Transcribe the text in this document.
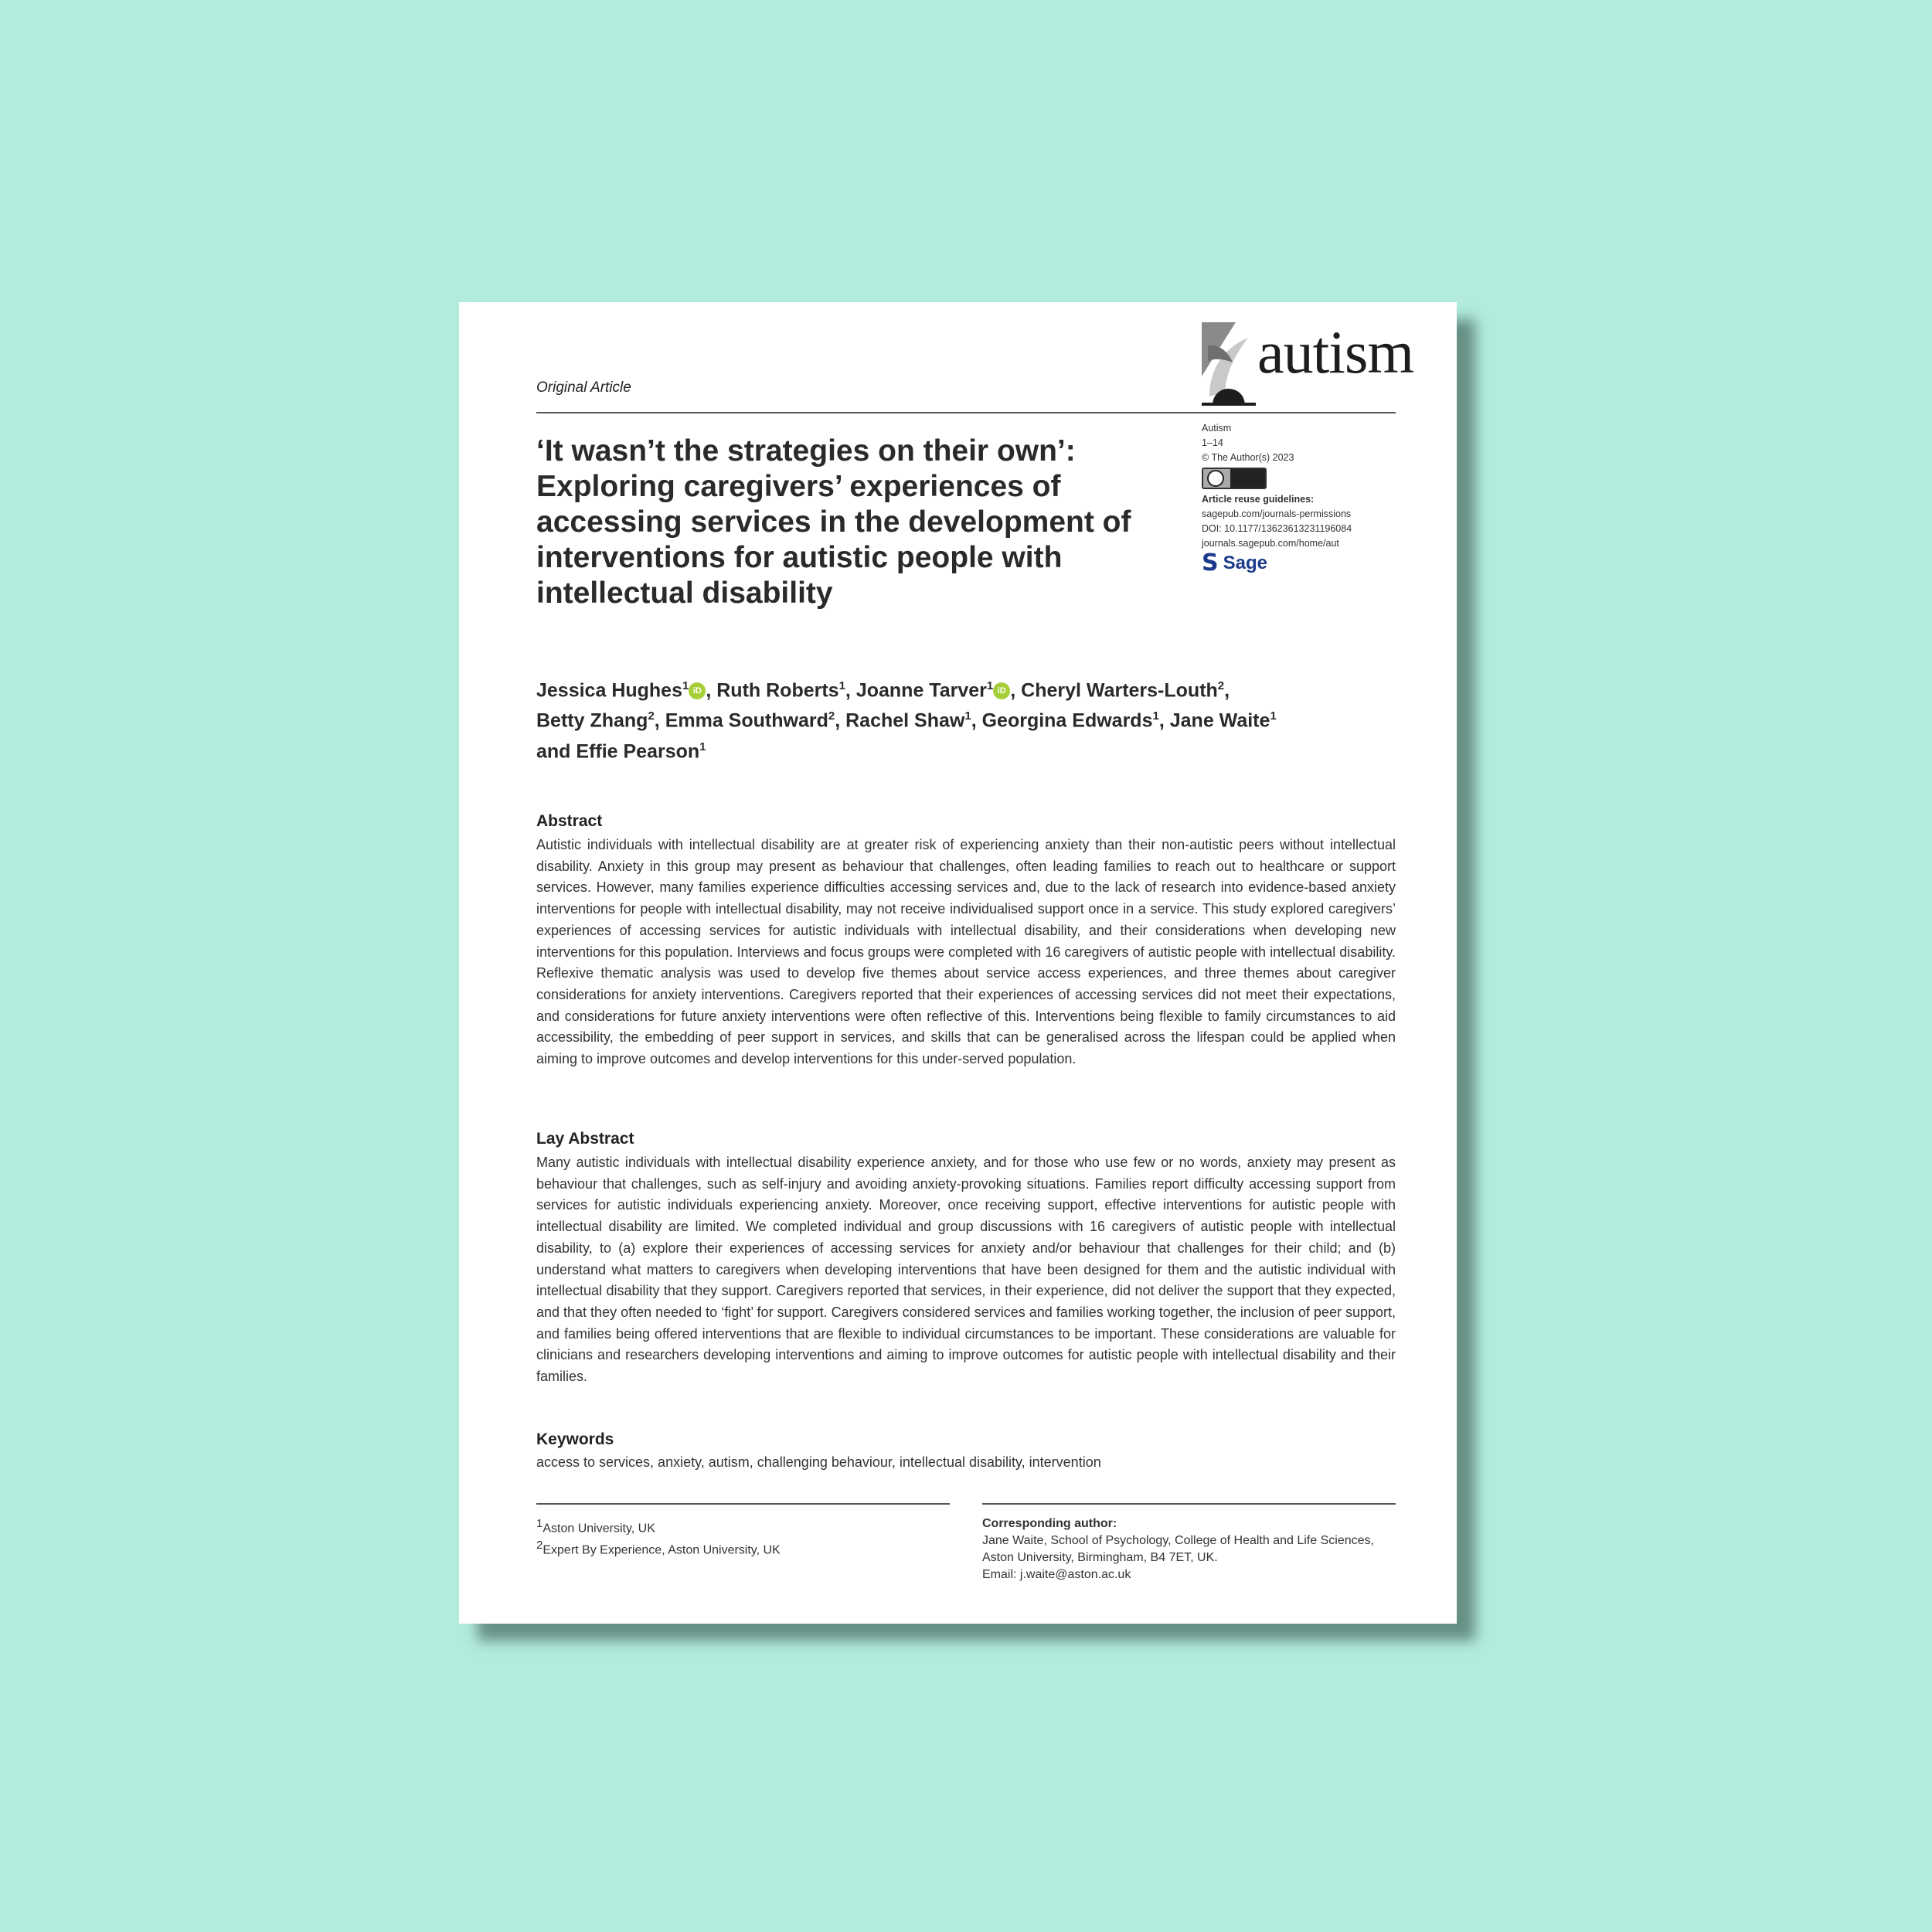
Original Article
autism
‘It wasn’t the strategies on their own’: Exploring caregivers’ experiences of accessing services in the development of interventions for autistic people with intellectual disability
Autism
1–14
© The Author(s) 2023
Article reuse guidelines:
sagepub.com/journals-permissions
DOI: 10.1177/13623613231196084
journals.sagepub.com/home/aut
S Sage

Jessica Hughes$^1$ iD , Ruth Roberts$^1$, Joanne Tarver$^1$ iD , Cheryl Warters-Louth$^2$,
Betty Zhang$^2$, Emma Southward$^2$, Rachel Shaw$^1$, Georgina Edwards$^1$, Jane Waite$^1$
and Effie Pearson$^1$

Abstract

Autistic individuals with intellectual disability are at greater risk of experiencing anxiety than their non-autistic peers without intellectual disability. Anxiety in this group may present as behaviour that challenges, often leading families to reach out to healthcare or support services. However, many families experience difficulties accessing services and, due to the lack of research into evidence-based anxiety interventions for people with intellectual disability, may not receive individualised support once in a service. This study explored caregivers’ experiences of accessing services for autistic individuals with intellectual disability, and their considerations when developing new interventions for this population. Interviews and focus groups were completed with 16 caregivers of autistic people with intellectual disability. Reflexive thematic analysis was used to develop five themes about service access experiences, and three themes about caregiver considerations for anxiety interventions. Caregivers reported that their experiences of accessing services did not meet their expectations, and considerations for future anxiety interventions were often reflective of this. Interventions being flexible to family circumstances to aid accessibility, the embedding of peer support in services, and skills that can be generalised across the lifespan could be applied when aiming to improve outcomes and develop interventions for this under-served population.

Lay Abstract

Many autistic individuals with intellectual disability experience anxiety, and for those who use few or no words, anxiety may present as behaviour that challenges, such as self-injury and avoiding anxiety-provoking situations. Families report difficulty accessing support from services for autistic individuals experiencing anxiety. Moreover, once receiving support, effective interventions for autistic people with intellectual disability are limited. We completed individual and group discussions with 16 caregivers of autistic people with intellectual disability, to (a) explore their experiences of accessing services for anxiety and/or behaviour that challenges for their child; and (b) understand what matters to caregivers when developing interventions that have been designed for them and the autistic individual with intellectual disability that they support. Caregivers reported that services, in their experience, did not deliver the support that they expected, and that they often needed to ‘fight’ for support. Caregivers considered services and families working together, the inclusion of peer support, and families being offered interventions that are flexible to individual circumstances to be important. These considerations are valuable for clinicians and researchers developing interventions and aiming to improve outcomes for autistic people with intellectual disability and their families.

Keywords

access to services, anxiety, autism, challenging behaviour, intellectual disability, intervention

$^1$Aston University, UK
$^2$Expert By Experience, Aston University, UK
Corresponding author:
Jane Waite, School of Psychology, College of Health and Life Sciences,
Aston University, Birmingham, B4 7ET, UK.
Email: j.waite@aston.ac.uk
